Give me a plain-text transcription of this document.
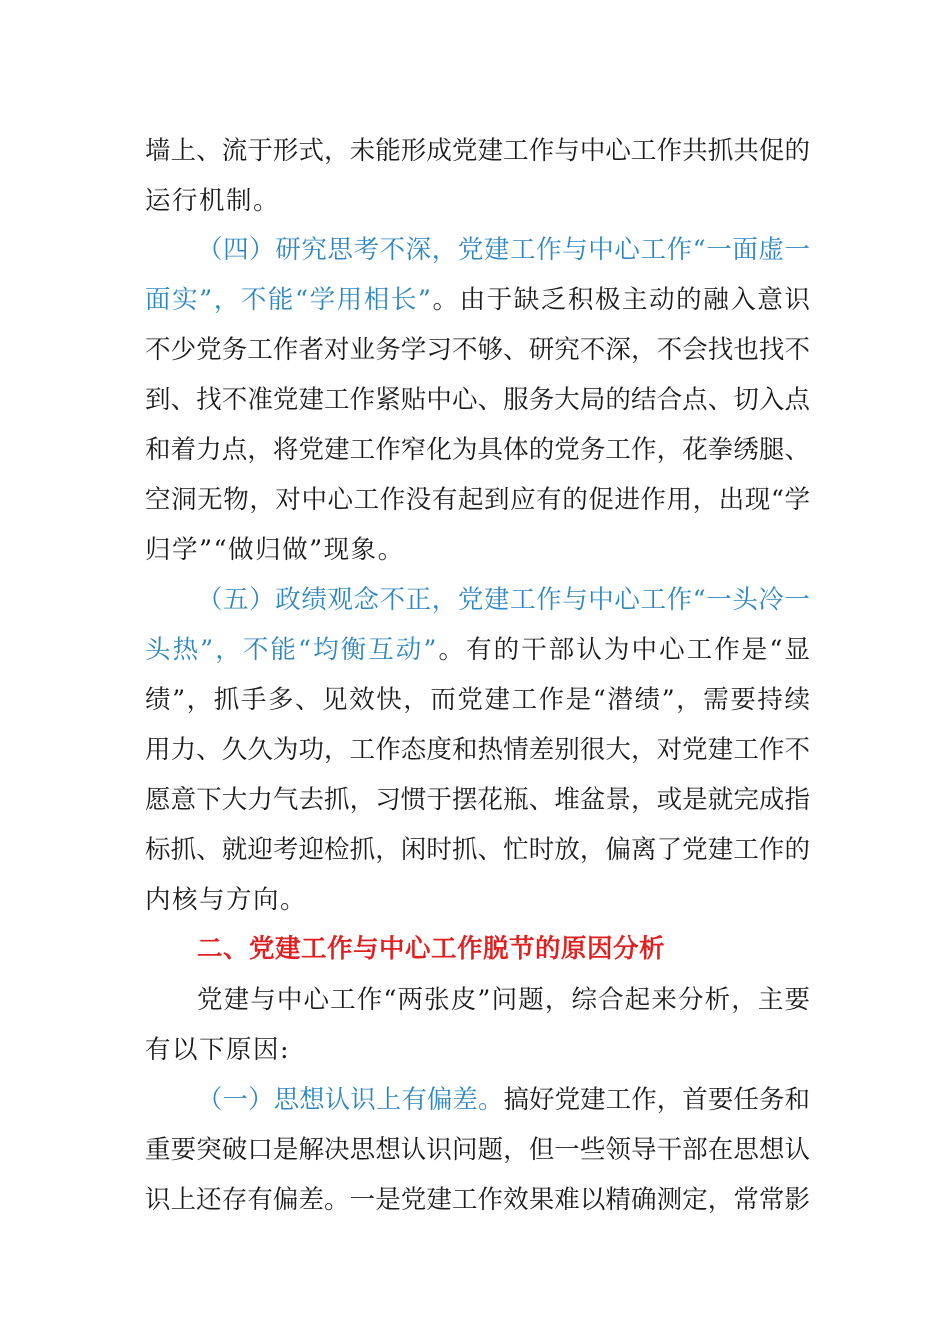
墙上、流于形式，未能形成党建工作与中心工作共抓共促的
运行机制。
（四）研究思考不深，党建工作与中心工作“一面虚一
面实”，不能“学用相长”。由于缺乏积极主动的融入意识
不少党务工作者对业务学习不够、研究不深，不会找也找不
到、找不准党建工作紧贴中心、服务大局的结合点、切入点
和着力点，将党建工作窄化为具体的党务工作，花拳绣腿、
空洞无物，对中心工作没有起到应有的促进作用，出现“学
归学”“做归做”现象。
（五）政绩观念不正，党建工作与中心工作“一头冷一
头热”，不能“均衡互动”。有的干部认为中心工作是“显
绩”，抓手多、见效快，而党建工作是“潜绩”，需要持续
用力、久久为功，工作态度和热情差别很大，对党建工作不
愿意下大力气去抓，习惯于摆花瓶、堆盆景，或是就完成指
标抓、就迎考迎检抓，闲时抓、忙时放，偏离了党建工作的
内核与方向。
二、党建工作与中心工作脱节的原因分析
党建与中心工作“两张皮”问题，综合起来分析，主要
有以下原因:
（一）思想认识上有偏差。搞好党建工作，首要任务和
重要突破口是解决思想认识问题，但一些领导干部在思想认
识上还存有偏差。一是党建工作效果难以精确测定，常常影
